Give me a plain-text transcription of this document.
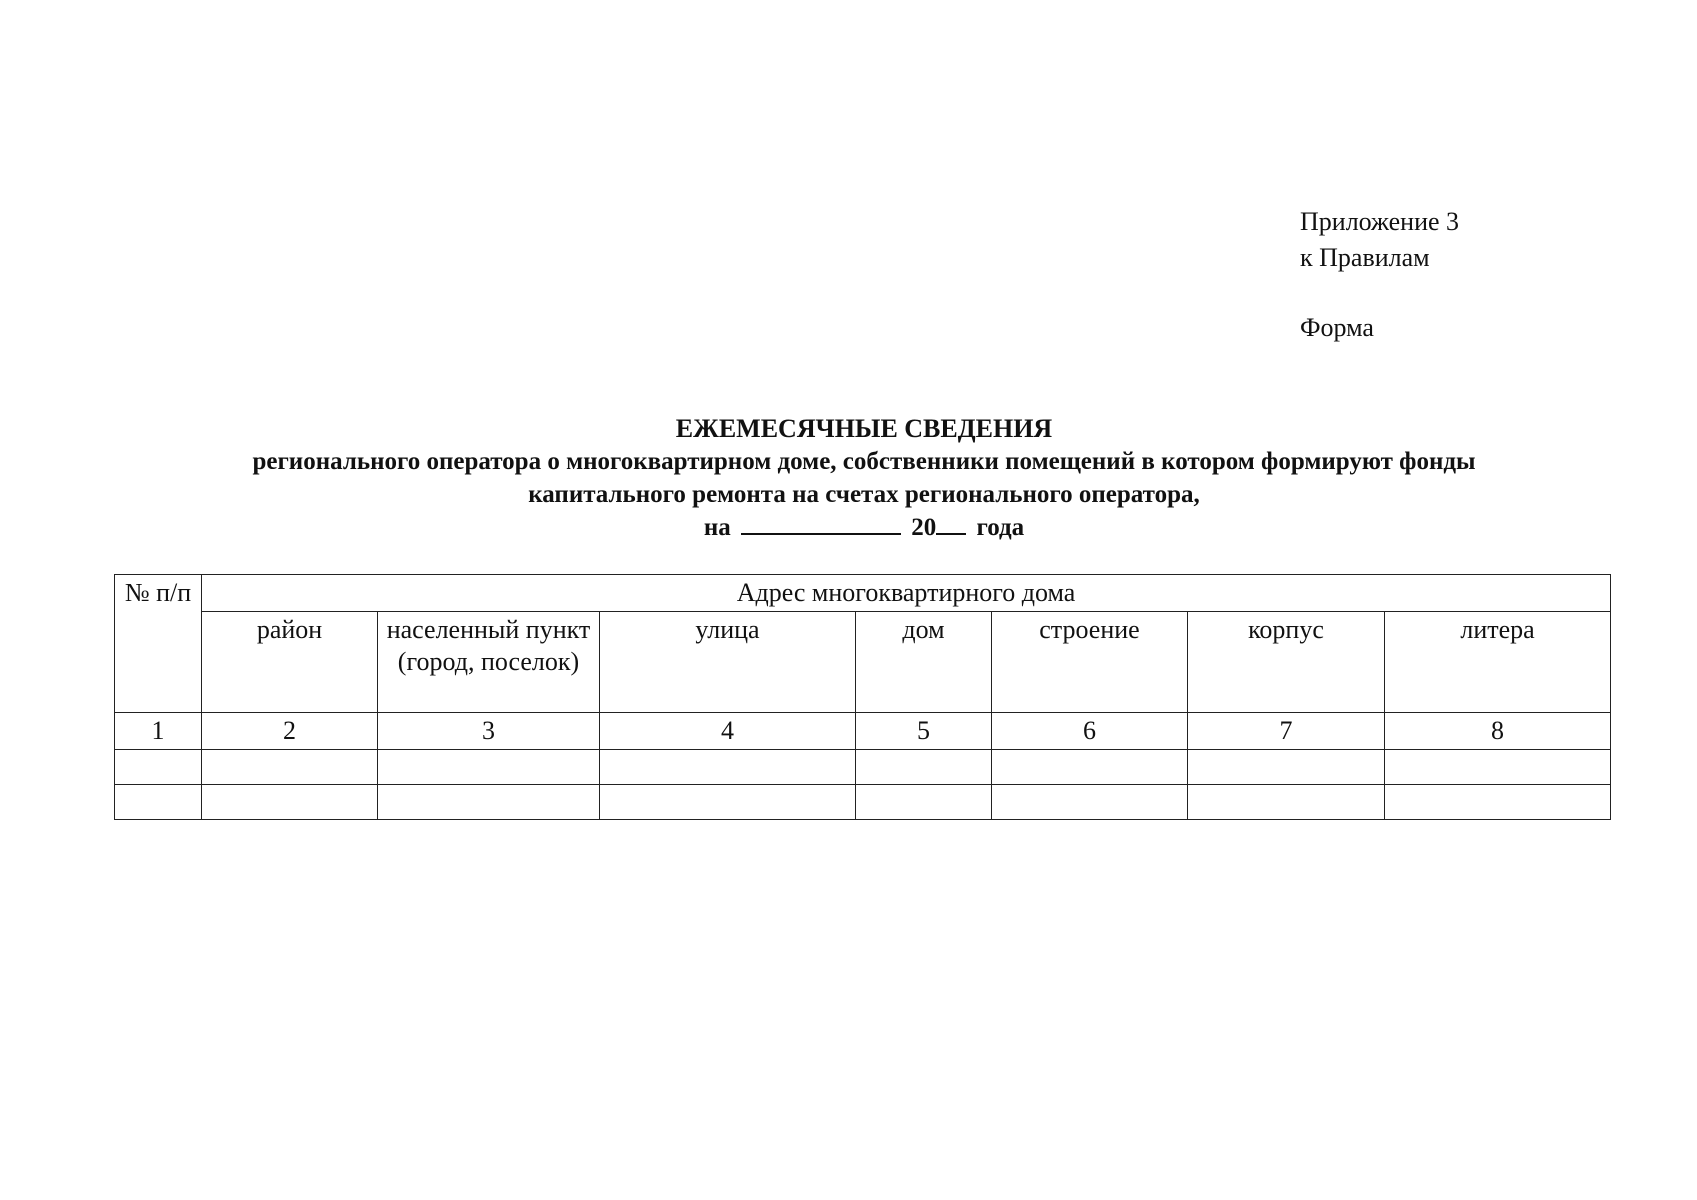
Приложение 3
к Правилам
Форма
ЕЖЕМЕСЯЧНЫЕ СВЕДЕНИЯ
регионального оператора о многоквартирном доме, собственники помещений в котором формируют фонды
капитального ремонта на счетах регионального оператора,
на	20 года
№ п/п	Адрес многоквартирного дома						
	район	населенный пункт (город, поселок)	улица	дом	строение	корпус	литера
1	2	3	4	5	6	7	8
